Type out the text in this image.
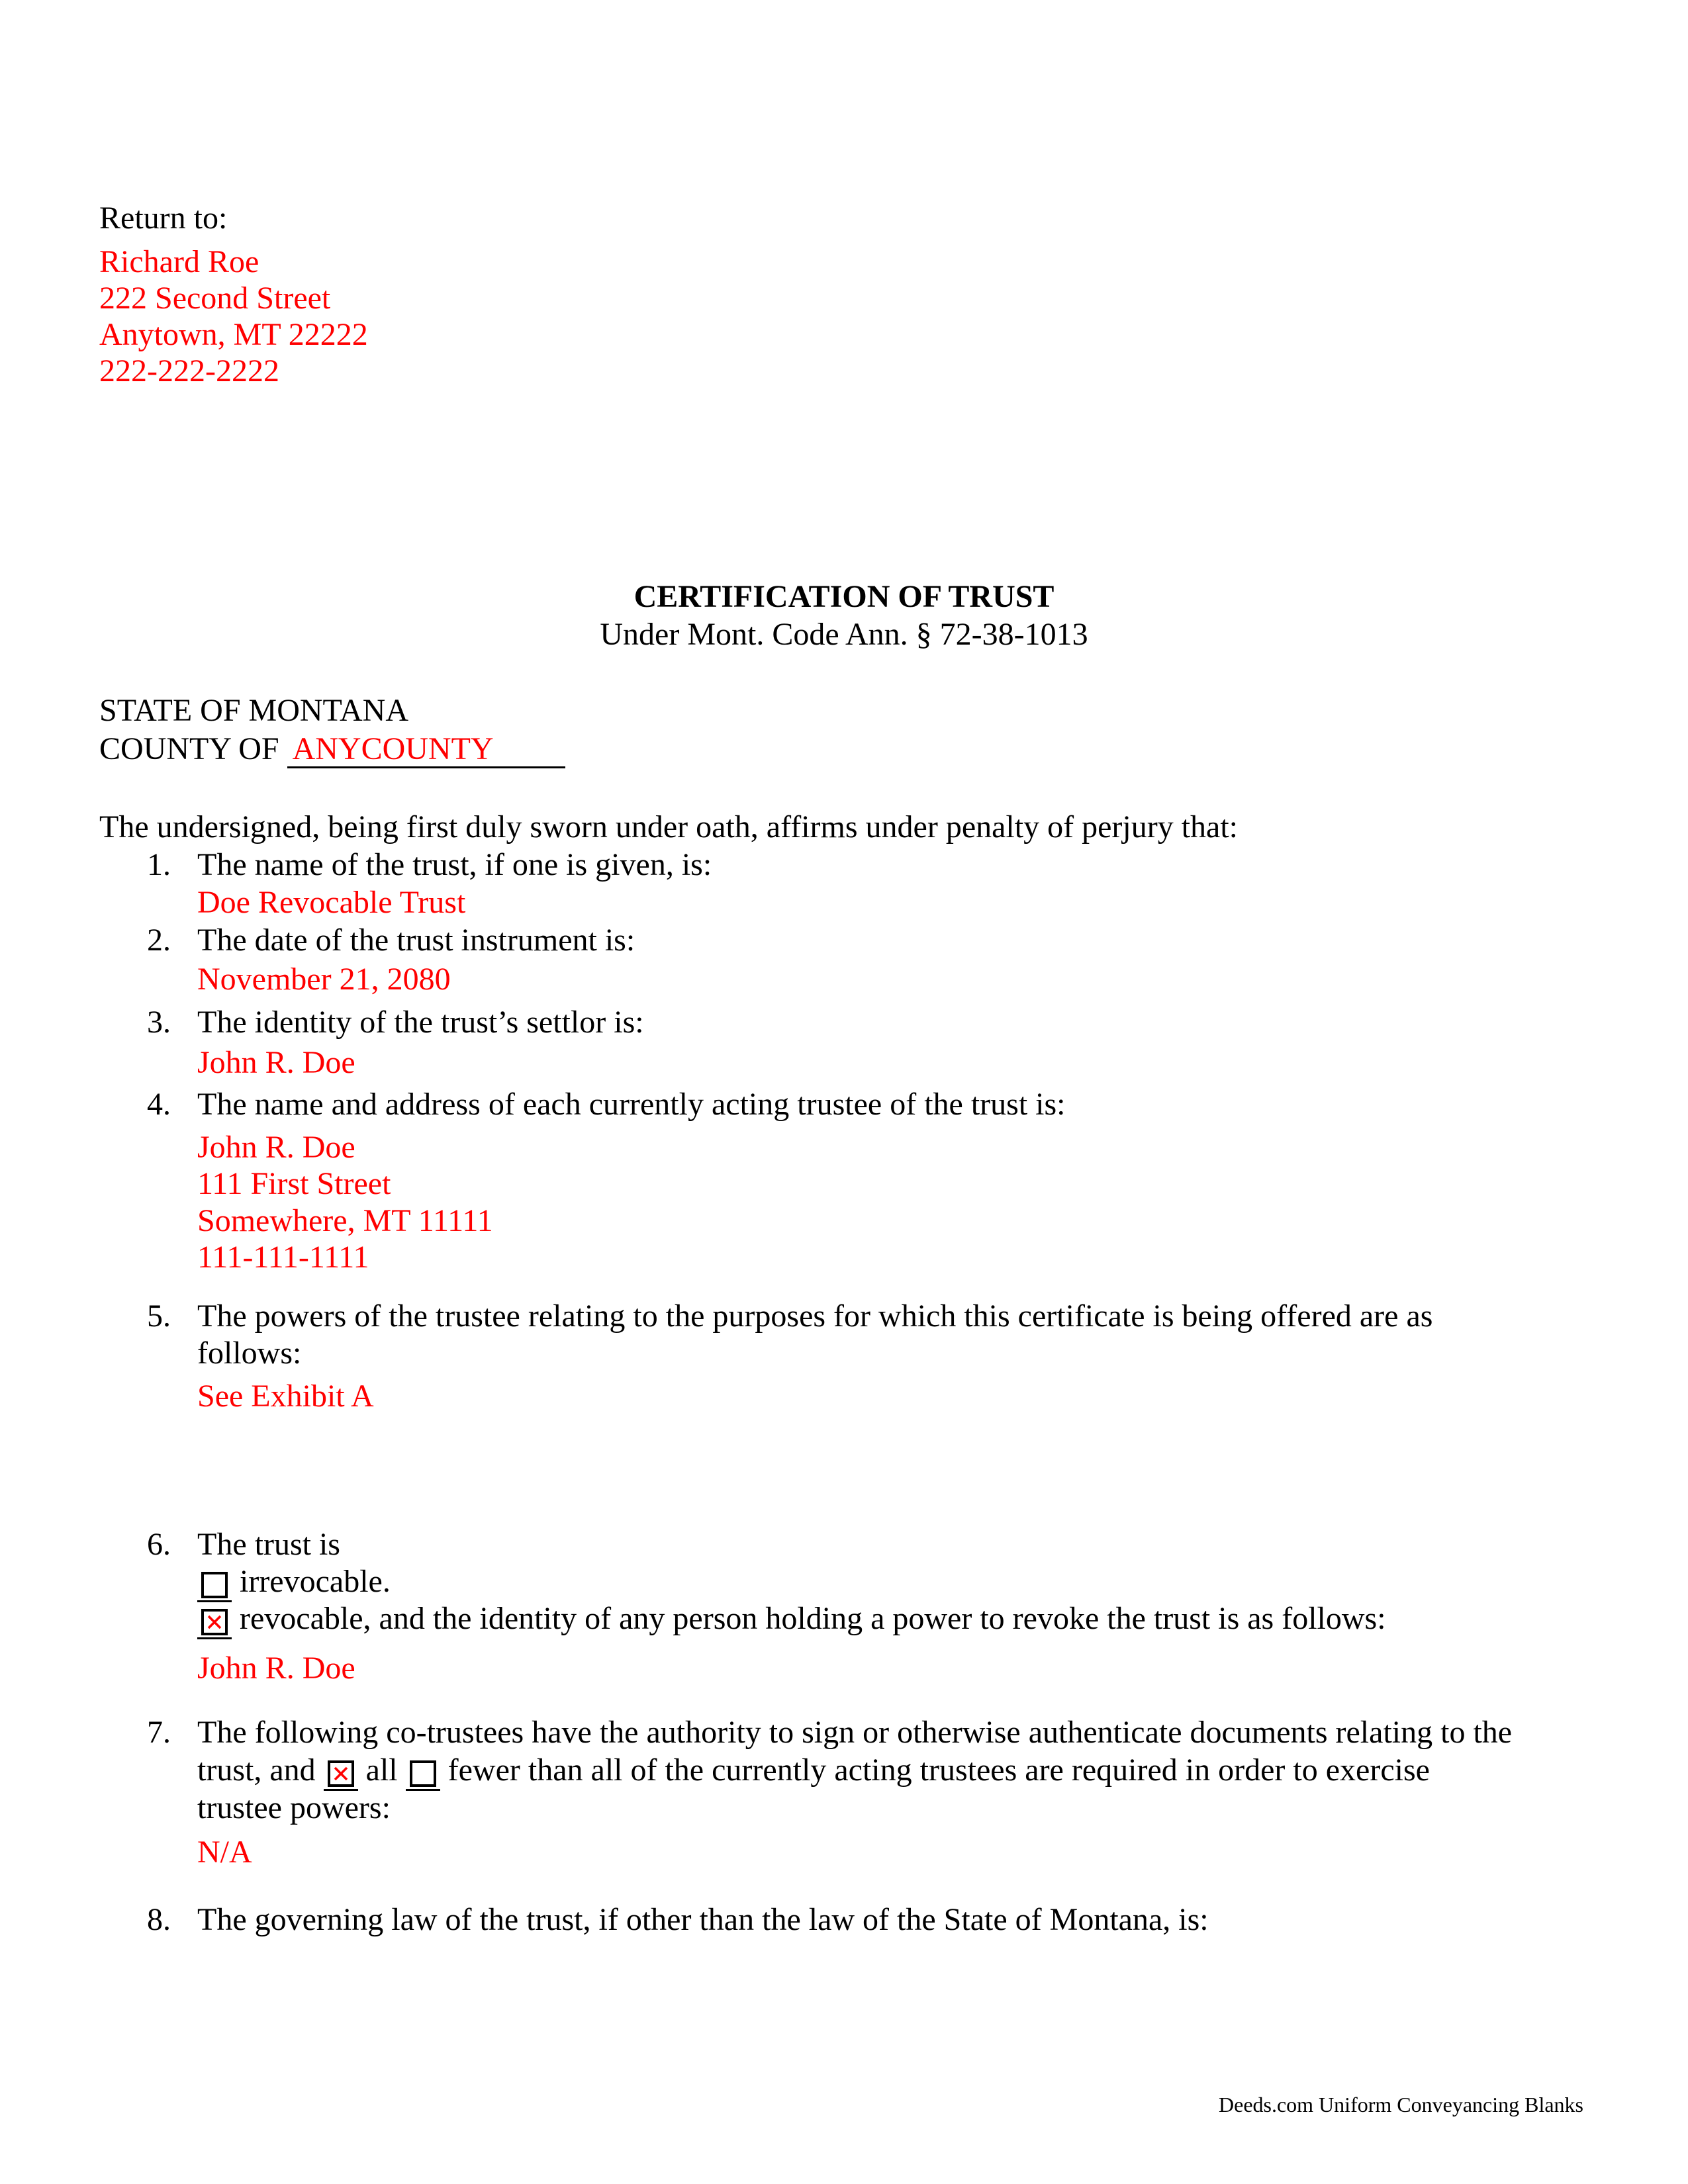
Return to:
Richard Roe
222 Second Street
Anytown, MT 22222
222-222-2222
CERTIFICATION OF TRUST
Under Mont. Code Ann. § 72-38-1013
STATE OF MONTANA
COUNTY OF ANYCOUNTY
The undersigned, being first duly sworn under oath, affirms under penalty of perjury that:
1. The name of the trust, if one is given, is:
Doe Revocable Trust
2. The date of the trust instrument is:
November 21, 2080
3. The identity of the trust’s settlor is:
John R. Doe
4. The name and address of each currently acting trustee of the trust is:
John R. Doe
111 First Street
Somewhere, MT 11111
111-111-1111
5. The powers of the trustee relating to the purposes for which this certificate is being offered are as
follows:
See Exhibit A
6. The trust is
irrevocable.
revocable, and the identity of any person holding a power to revoke the trust is as follows:
John R. Doe
7. The following co-trustees have the authority to sign or otherwise authenticate documents relating to the
trust, and all fewer than all of the currently acting trustees are required in order to exercise
trustee powers:
N/A
8. The governing law of the trust, if other than the law of the State of Montana, is:
Deeds.com Uniform Conveyancing Blanks
